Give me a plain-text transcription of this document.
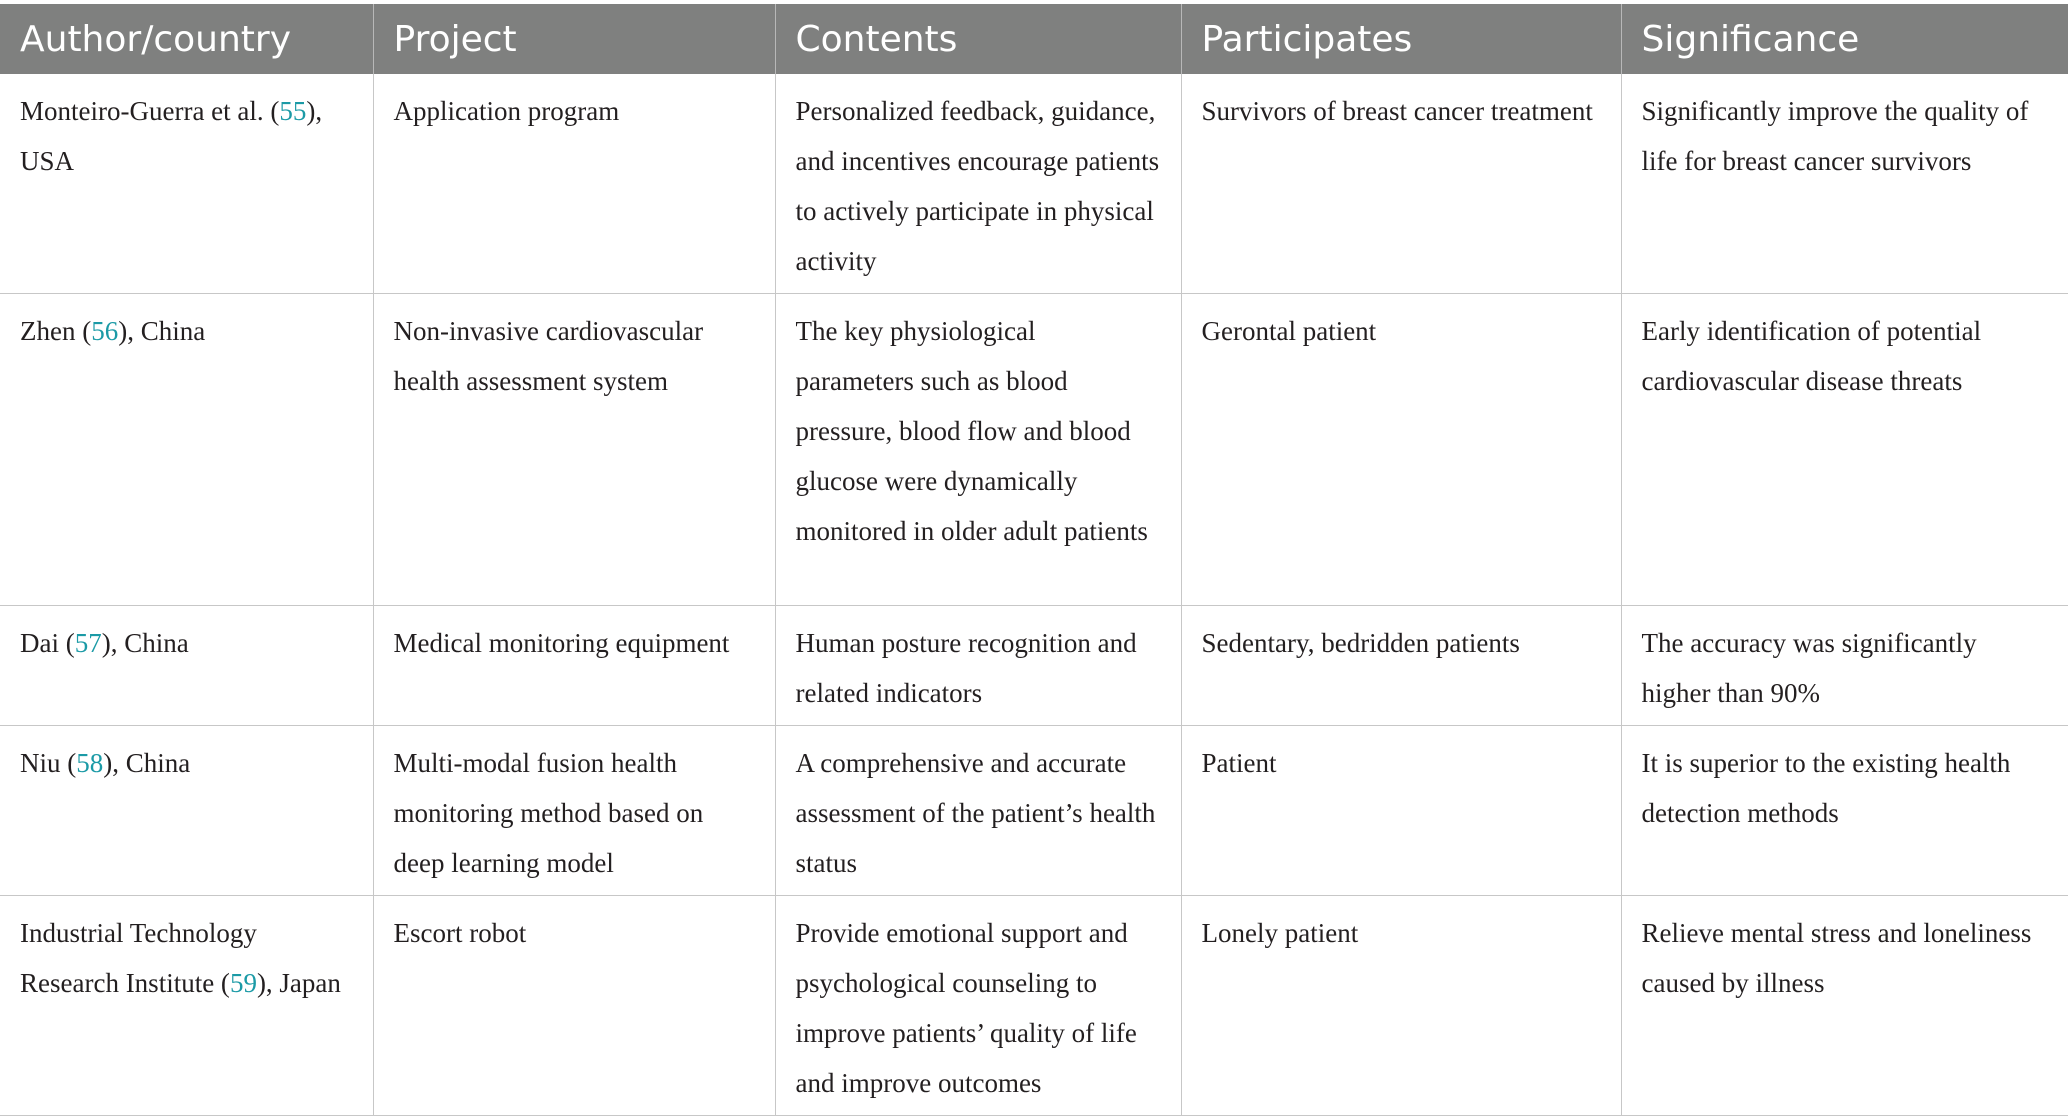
Author/country	Project	Contents	Participates	Significance
Monteiro-Guerra et al. (55), USA	Application program	Personalized feedback, guidance, and incentives encourage patients to actively participate in physical activity	Survivors of breast cancer treatment	Significantly improve the quality of life for breast cancer survivors
Zhen (56), China	Non-invasive cardiovascular health assessment system	The key physiological parameters such as blood pressure, blood flow and blood glucose were dynamically monitored in older adult patients	Gerontal patient	Early identification of potential cardiovascular disease threats
Dai (57), China	Medical monitoring equipment	Human posture recognition and related indicators	Sedentary, bedridden patients	The accuracy was significantly higher than 90%
Niu (58), China	Multi-modal fusion health monitoring method based on deep learning model	A comprehensive and accurate assessment of the patient’s health status	Patient	It is superior to the existing health detection methods
Industrial Technology Research Institute (59), Japan	Escort robot	Provide emotional support and psychological counseling to improve patients’ quality of life and improve outcomes	Lonely patient	Relieve mental stress and loneliness caused by illness
